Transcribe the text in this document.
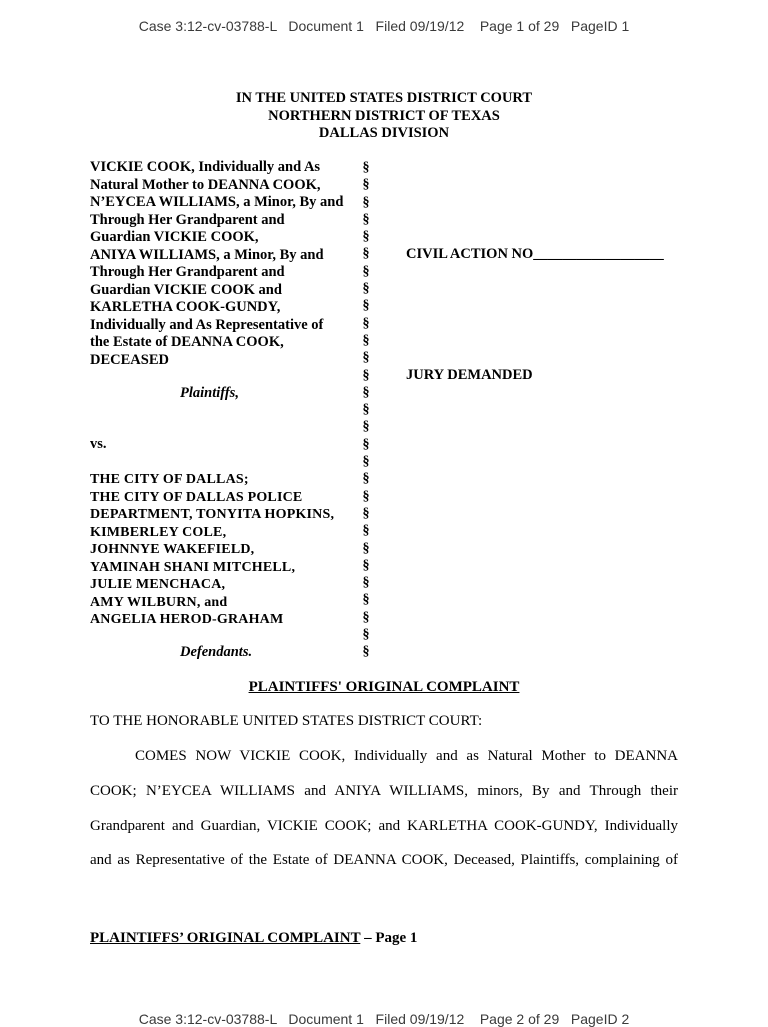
Case 3:12-cv-03788-L   Document 1   Filed 09/19/12    Page 1 of 29   PageID 1
IN THE UNITED STATES DISTRICT COURT
NORTHERN DISTRICT OF TEXAS
DALLAS DIVISION
VICKIE COOK, Individually and As
Natural Mother to DEANNA COOK,
N’EYCEA WILLIAMS, a Minor, By and
Through Her Grandparent and
Guardian VICKIE COOK,
ANIYA WILLIAMS, a Minor, By and
Through Her Grandparent and
Guardian VICKIE COOK and
KARLETHA COOK-GUNDY,
Individually and As Representative of
the Estate of DEANNA COOK,
DECEASED
Plaintiffs,
vs.
THE CITY OF DALLAS;
THE CITY OF DALLAS POLICE
DEPARTMENT, TONYITA HOPKINS,
KIMBERLEY COLE,
JOHNNYE WAKEFIELD,
YAMINAH SHANI MITCHELL,
JULIE MENCHACA,
AMY WILBURN, and
ANGELIA HEROD-GRAHAM
Defendants.
§
§
§
§
§
§
§
§
§
§
§
§
§
§
§
§
§
§
§
§
§
§
§
§
§
§
§
§
§
CIVIL ACTION NO__________________
JURY DEMANDED
PLAINTIFFS' ORIGINAL COMPLAINT
TO THE HONORABLE UNITED STATES DISTRICT COURT:
COMES NOW VICKIE COOK, Individually and as Natural Mother to DEANNA
COOK; N’EYCEA WILLIAMS and ANIYA WILLIAMS, minors, By and Through their
Grandparent and Guardian, VICKIE COOK; and KARLETHA COOK-GUNDY, Individually
and as Representative of the Estate of DEANNA COOK, Deceased, Plaintiffs, complaining of
PLAINTIFFS’ ORIGINAL COMPLAINT – Page 1
Case 3:12-cv-03788-L   Document 1   Filed 09/19/12    Page 2 of 29   PageID 2
